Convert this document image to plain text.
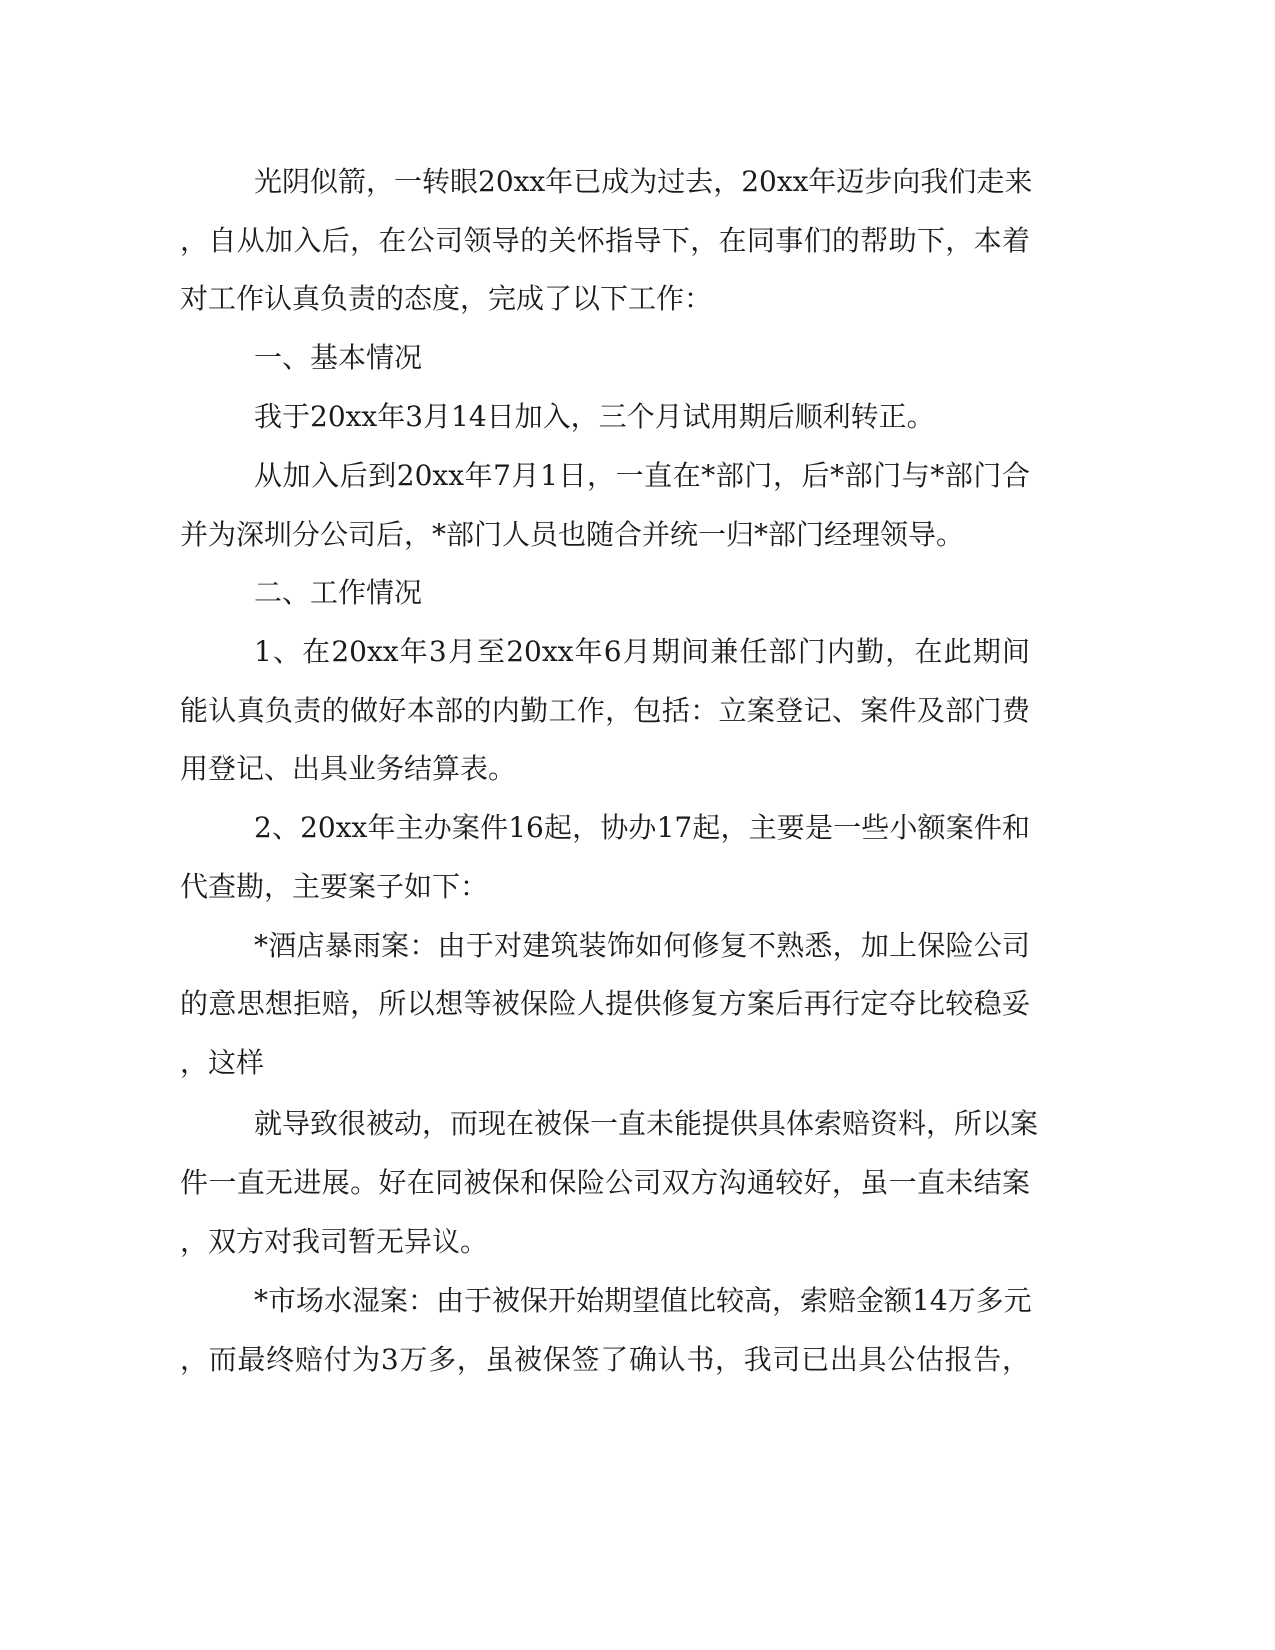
光阴似箭，一转眼20xx年已成为过去，20xx年迈步向我们走来

，自从加入后，在公司领导的关怀指导下，在同事们的帮助下，本着

对工作认真负责的态度，完成了以下工作：

一、基本情况

我于20xx年3月14日加入，三个月试用期后顺利转正。

从加入后到20xx年7月1日，一直在*部门，后*部门与*部门合

并为深圳分公司后，*部门人员也随合并统一归*部门经理领导。

二、工作情况

1、在20xx年3月至20xx年6月期间兼任部门内勤，在此期间

能认真负责的做好本部的内勤工作，包括：立案登记、案件及部门费

用登记、出具业务结算表。

2、20xx年主办案件16起，协办17起，主要是一些小额案件和

代查勘，主要案子如下：

*酒店暴雨案：由于对建筑装饰如何修复不熟悉，加上保险公司

的意思想拒赔，所以想等被保险人提供修复方案后再行定夺比较稳妥

，这样

就导致很被动，而现在被保一直未能提供具体索赔资料，所以案

件一直无进展。好在同被保和保险公司双方沟通较好，虽一直未结案

，双方对我司暂无异议。

*市场水湿案：由于被保开始期望值比较高，索赔金额14万多元

，而最终赔付为3万多，虽被保签了确认书，我司已出具公估报告，
